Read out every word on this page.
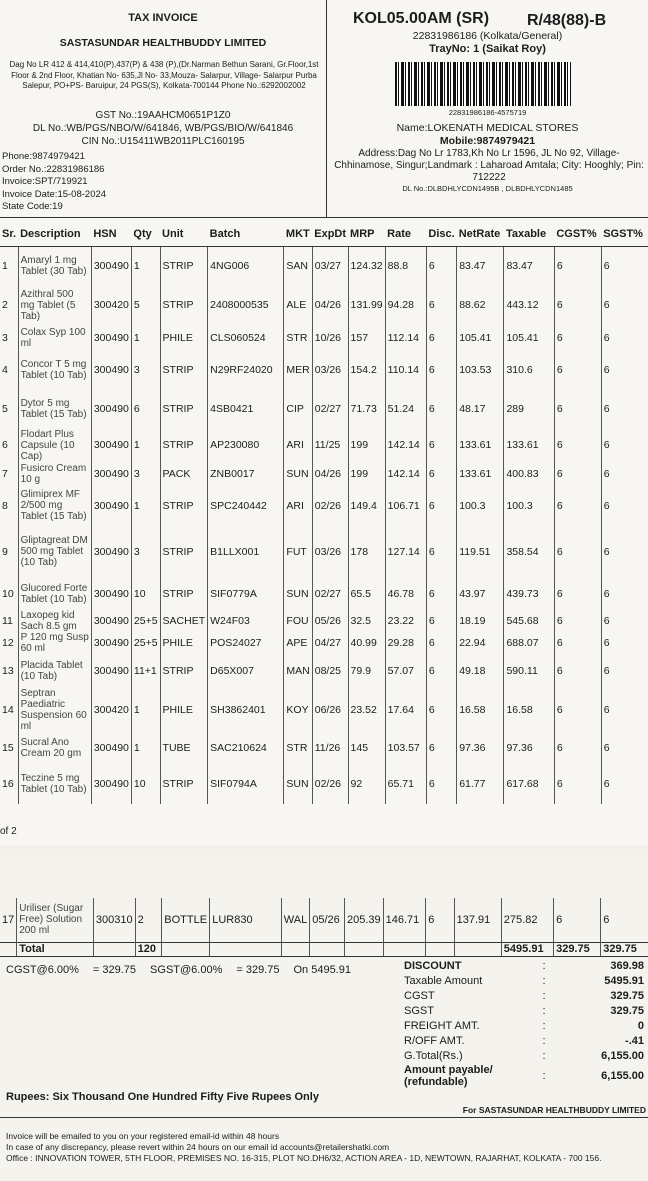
TAX INVOICE
SASTASUNDAR HEALTHBUDDY LIMITED
Dag No LR 412 & 414,410(P),437(P) & 438 (P),(Dr.Narman Bethun Sarani, Gr.Floor,1st Floor & 2nd Floor, Khatian No- 635,Jl No- 33,Mouza- Salarpur, Village- Salarpur Purba Salepur, PO+PS- Baruipur, 24 PGS(S), Kolkata-700144 Phone No.:6292002002
GST No.:19AAHCM0651P1Z0
DL No.:WB/PGS/NBO/W/641846, WB/PGS/BIO/W/641846
CIN No.:U15411WB2011PLC160195
Phone:9874979421
Order No.:22831986186
Invoice:SPT/719921
Invoice Date:15-08-2024
State Code:19
KOL05.00AM (SR) R/48(88)-B
22831986186 (Kolkata/General)
TrayNo: 1 (Saikat Roy)
22831986186-4575719
Name:LOKENATH MEDICAL STORES
Mobile:9874979421
Address:Dag No Lr 1783,Kh No Lr 1596, JL No 92, Village-Chhinamose, Singur;Landmark : Laharoad Amtala; City: Hooghly; Pin: 712222
DL No.:DLBDHLYCDN1495B , DLBDHLYCDN1485
Sr.	Description	HSN	Qty	Unit	Batch	MKT	ExpDt	MRP	Rate	Disc.	NetRate	Taxable	CGST%	SGST%
1	Amaryl 1 mg Tablet (30 Tab)	300490	1	STRIP	4NG006	SAN	03/27	124.32	88.8	6	83.47	83.47	6	6
2	Azithral 500 mg Tablet (5 Tab)	300420	5	STRIP	2408000535	ALE	04/26	131.99	94.28	6	88.62	443.12	6	6
3	Colax Syp 100 ml	300490	1	PHILE	CLS060524	STR	10/26	157	112.14	6	105.41	105.41	6	6
4	Concor T 5 mg Tablet (10 Tab)	300490	3	STRIP	N29RF24020	MER	03/26	154.2	110.14	6	103.53	310.6	6	6
5	Dytor 5 mg Tablet (15 Tab)	300490	6	STRIP	4SB0421	CIP	02/27	71.73	51.24	6	48.17	289	6	6
6	Flodart Plus Capsule (10 Cap)	300490	1	STRIP	AP230080	ARI	11/25	199	142.14	6	133.61	133.61	6	6
7	Fusicro Cream 10 g	300490	3	PACK	ZNB0017	SUN	04/26	199	142.14	6	133.61	400.83	6	6
8	Glimiprex MF 2/500 mg Tablet (15 Tab)	300490	1	STRIP	SPC240442	ARI	02/26	149.4	106.71	6	100.3	100.3	6	6
9	Gliptagreat DM 500 mg Tablet (10 Tab)	300490	3	STRIP	B1LLX001	FUT	03/26	178	127.14	6	119.51	358.54	6	6
10	Glucored Forte Tablet (10 Tab)	300490	10	STRIP	SIF0779A	SUN	02/27	65.5	46.78	6	43.97	439.73	6	6
11	Laxopeg kid Sach 8.5 gm	300490	25+5	SACHET	W24F03	FOU	05/26	32.5	23.22	6	18.19	545.68	6	6
12	P 120 mg Susp 60 ml	300490	25+5	PHILE	POS24027	APE	04/27	40.99	29.28	6	22.94	688.07	6	6
13	Placida Tablet (10 Tab)	300490	11+1	STRIP	D65X007	MAN	08/25	79.9	57.07	6	49.18	590.11	6	6
14	Septran Paediatric Suspension 60 ml	300420	1	PHILE	SH3862401	KOY	06/26	23.52	17.64	6	16.58	16.58	6	6
15	Sucral Ano Cream 20 gm	300490	1	TUBE	SAC210624	STR	11/26	145	103.57	6	97.36	97.36	6	6
16	Teczine 5 mg Tablet (10 Tab)	300490	10	STRIP	SIF0794A	SUN	02/26	92	65.71	6	61.77	617.68	6	6
of 2
17	Uriliser (Sugar Free) Solution 200 ml	300310	2	BOTTLE	LUR830	WAL	05/26	205.39	146.71	6	137.91	275.82	6	6
	Total		120									5495.91	329.75	329.75
CGST@6.00% = 329.75 SGST@6.00% = 329.75 On 5495.91	DISCOUNT	:	369.98
Taxable Amount	:	5495.91
CGST	:	329.75
SGST	:	329.75
FREIGHT AMT.	:	0
R/OFF AMT.	:	-.41
G.Total(Rs.)	:	6,155.00
Amount payable/ (refundable)	:	6,155.00
Rupees: Six Thousand One Hundred Fifty Five Rupees Only
For SASTASUNDAR HEALTHBUDDY LIMITED
Invoice will be emailed to you on your registered email-id within 48 hours
In case of any discrepancy, please revert within 24 hours on our email id accounts@retailershatki.com
Office : INNOVATION TOWER, 5TH FLOOR, PREMISES NO. 16-315, PLOT NO.DH6/32, ACTION AREA - 1D, NEWTOWN, RAJARHAT, KOLKATA - 700 156.
